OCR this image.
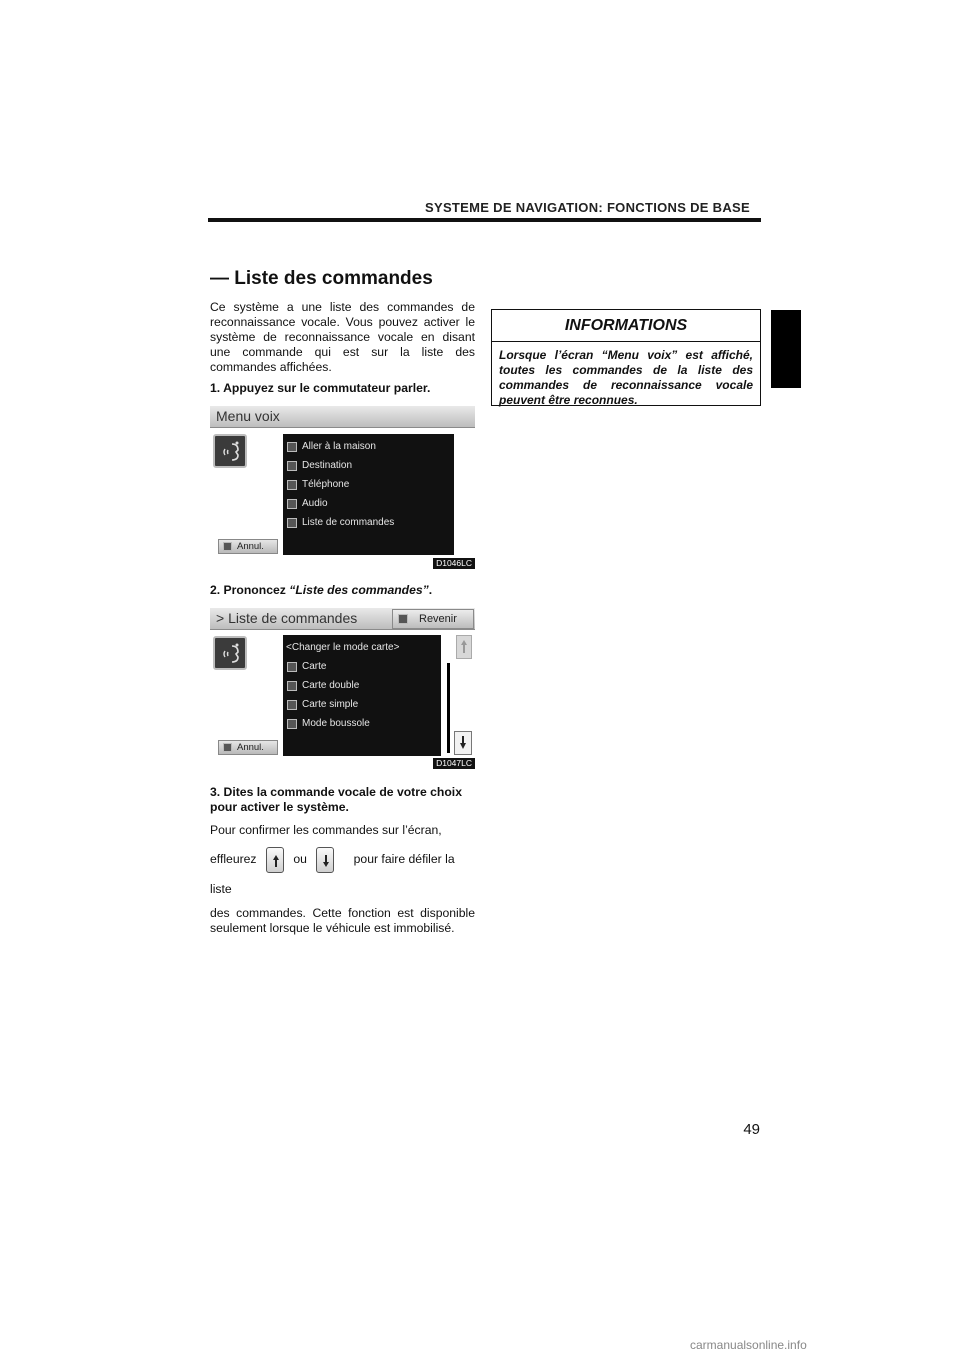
SYSTEME DE NAVIGATION: FONCTIONS DE BASE
— Liste des commandes

Ce système a une liste des commandes de reconnaissance vocale. Vous pouvez activer le système de reconnaissance vocale en disant une commande qui est sur la liste des commandes affichées.

1. Appuyez sur le commutateur parler.

Menu voix
Aller à la maison
Destination
Téléphone
Audio
Liste de commandes
Annul.
D1046LC

2. Prononcez “Liste des commandes”.

> Liste de commandes	Revenir
<Changer le mode carte>
Carte
Carte double
Carte simple
Mode boussole
Annul.
D1047LC

3. Dites la commande vocale de votre choix pour activer le système.

Pour confirmer les commandes sur l’écran,

effleurez	ou	pour faire défiler la liste

des commandes. Cette fonction est disponible seulement lorsque le véhicule est immobilisé.

INFORMATIONS
Lorsque l’écran “Menu voix” est affiché, toutes les commandes de la liste des commandes de reconnaissance vocale peuvent être reconnues.
49
carmanualsonline.info
